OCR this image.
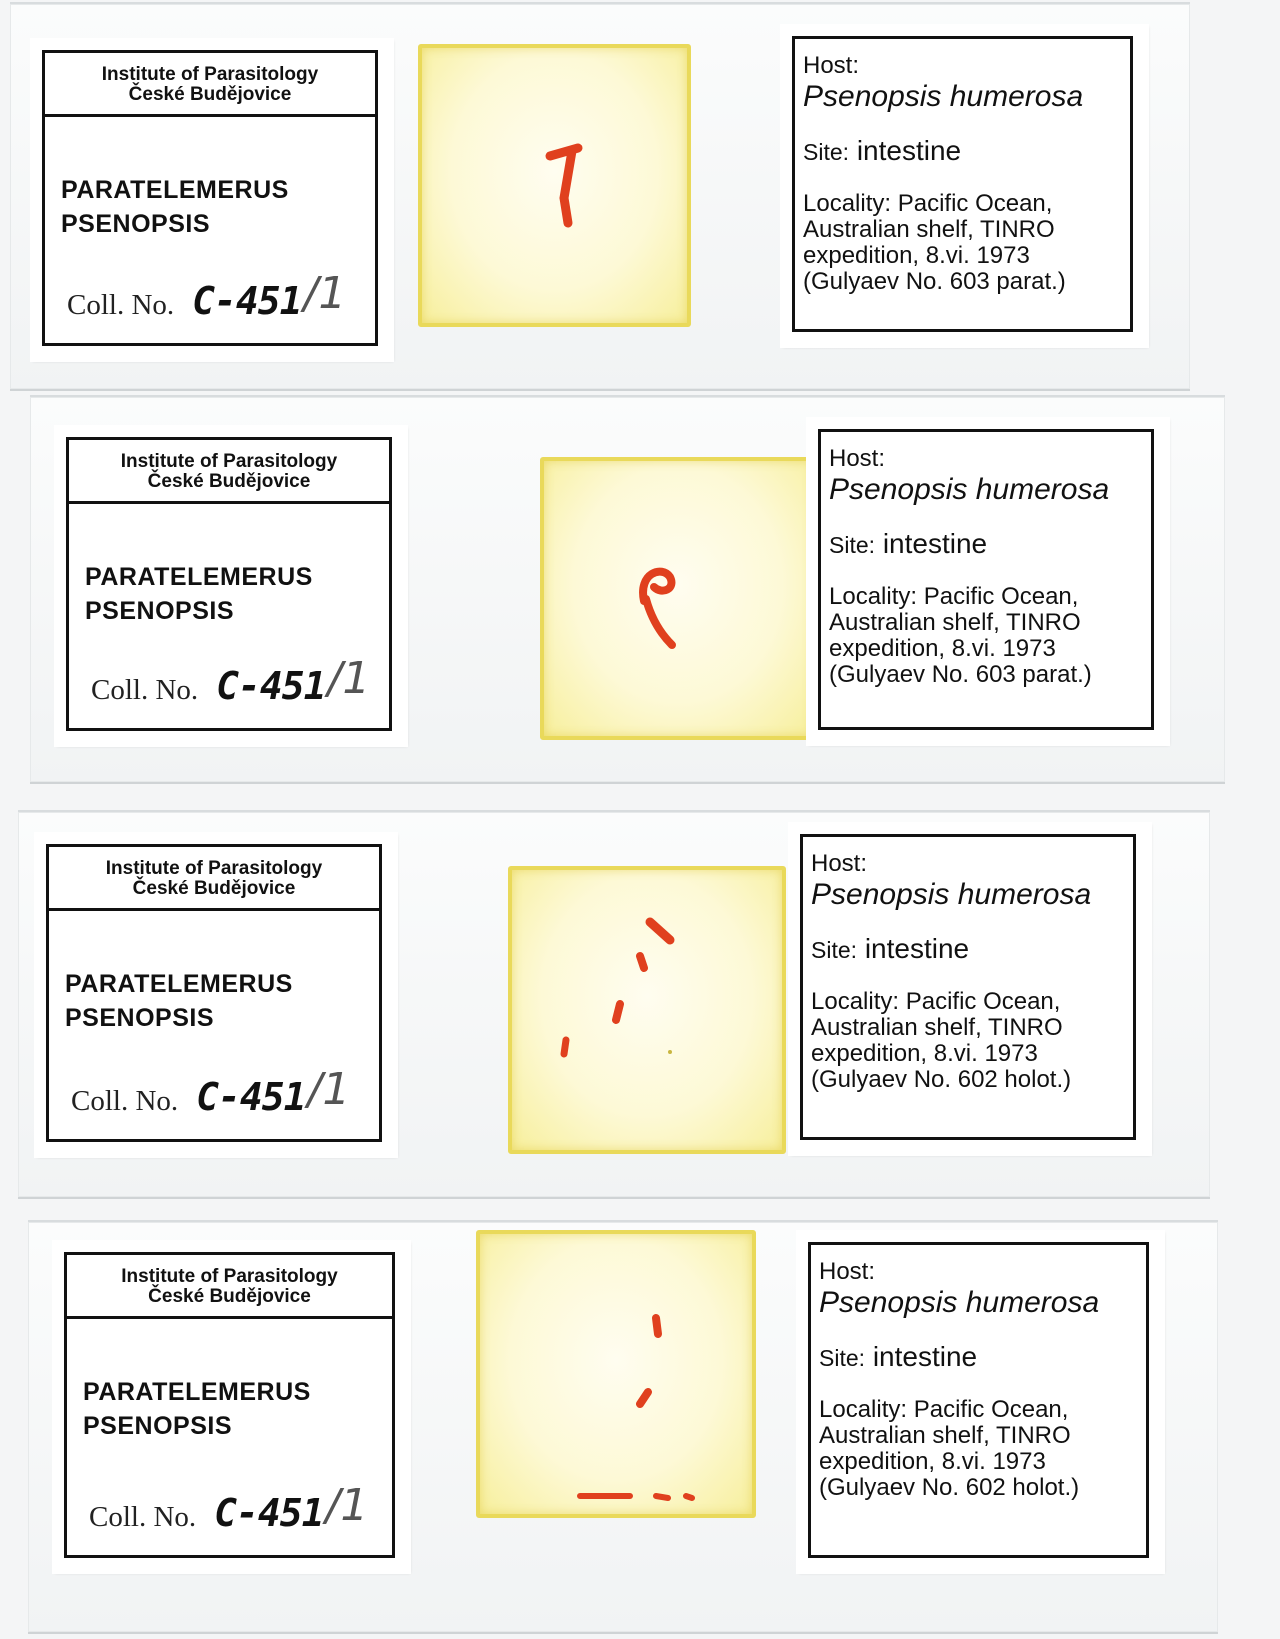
Institute of Parasitology
České Budějovice
PARATELEMERUS
PSENOPSIS
Coll. No. C-451/1
Host:
Psenopsis humerosa
Site: intestine
Locality: Pacific Ocean,
Australian shelf, TINRO
expedition, 8.vi. 1973
(Gulyaev No. 603 parat.)
Institute of Parasitology
České Budějovice
PARATELEMERUS
PSENOPSIS
Coll. No. C-451/1
Host:
Psenopsis humerosa
Site: intestine
Locality: Pacific Ocean,
Australian shelf, TINRO
expedition, 8.vi. 1973
(Gulyaev No. 603 parat.)
Institute of Parasitology
České Budějovice
PARATELEMERUS
PSENOPSIS
Coll. No. C-451/1
Host:
Psenopsis humerosa
Site: intestine
Locality: Pacific Ocean,
Australian shelf, TINRO
expedition, 8.vi. 1973
(Gulyaev No. 602 holot.)
Institute of Parasitology
České Budějovice
PARATELEMERUS
PSENOPSIS
Coll. No. C-451/1
Host:
Psenopsis humerosa
Site: intestine
Locality: Pacific Ocean,
Australian shelf, TINRO
expedition, 8.vi. 1973
(Gulyaev No. 602 holot.)
